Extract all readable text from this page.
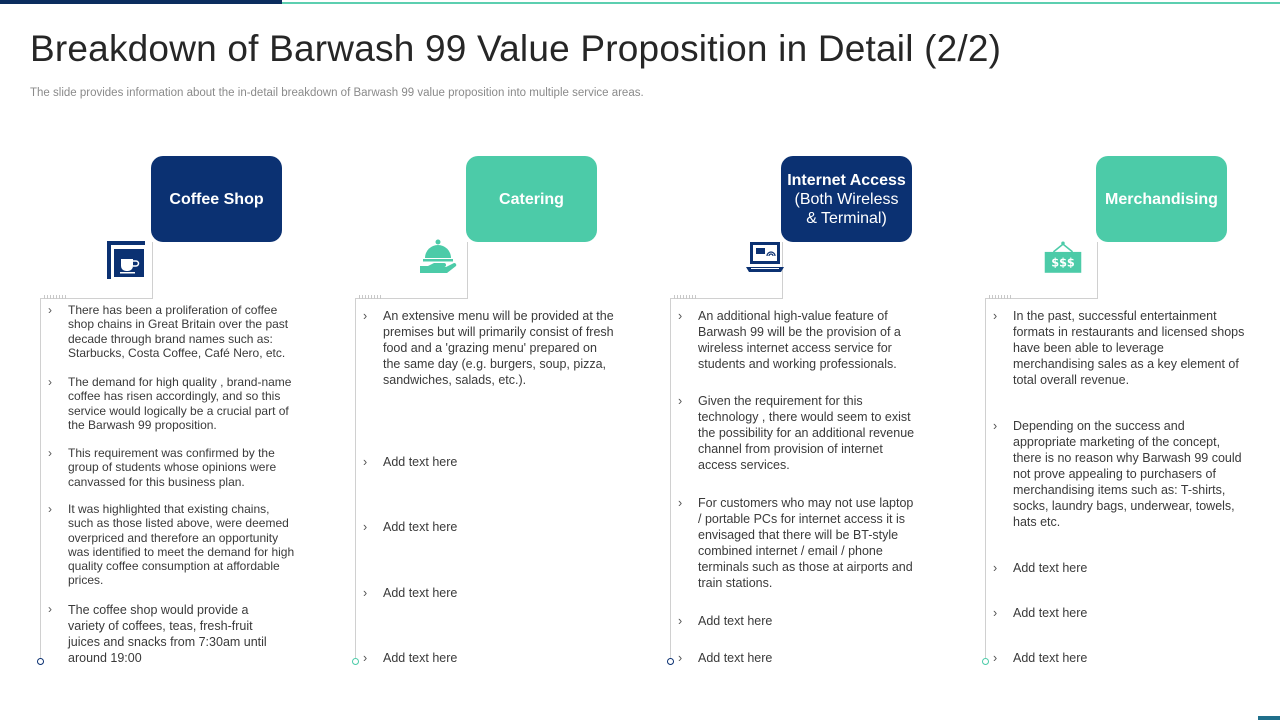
Breakdown of Barwash 99 Value Proposition in Detail (2/2)

The slide provides information about the in-detail breakdown of Barwash 99 value proposition into multiple service areas.

Coffee Shop
› There has been a proliferation of coffee shop chains in Great Britain over the past decade through brand names such as: Starbucks, Costa Coffee, Café Nero, etc.
› The demand for high quality , brand-name coffee has risen accordingly, and so this service would logically be a crucial part of the Barwash 99 proposition.
› This requirement was confirmed by the group of students whose opinions were canvassed for this business plan.
› It was highlighted that existing chains, such as those listed above, were deemed overpriced and therefore an opportunity was identified to meet the demand for high quality coffee consumption at affordable prices.
› The coffee shop would provide a variety of coffees, teas, fresh-fruit juices and snacks from 7:30am until around 19:00
Catering
› An extensive menu will be provided at the premises but will primarily consist of fresh food and a 'grazing menu' prepared on the same day (e.g. burgers, soup, pizza, sandwiches, salads, etc.).
› Add text here
› Add text here
› Add text here
› Add text here
Internet Access
(Both Wireless & Terminal)
› An additional high-value feature of Barwash 99 will be the provision of a wireless internet access service for students and working professionals.
› Given the requirement for this technology , there would seem to exist the possibility for an additional revenue channel from provision of internet access services.
› For customers who may not use laptop / portable PCs for internet access it is envisaged that there will be BT-style combined internet / email / phone terminals such as those at airports and train stations.
› Add text here
› Add text here
Merchandising
$$$
› In the past, successful entertainment formats in restaurants and licensed shops have been able to leverage merchandising sales as a key element of total overall revenue.
› Depending on the success and appropriate marketing of the concept, there is no reason why Barwash 99 could not prove appealing to purchasers of merchandising items such as: T-shirts, socks, laundry bags, underwear, towels, hats etc.
› Add text here
› Add text here
› Add text here
